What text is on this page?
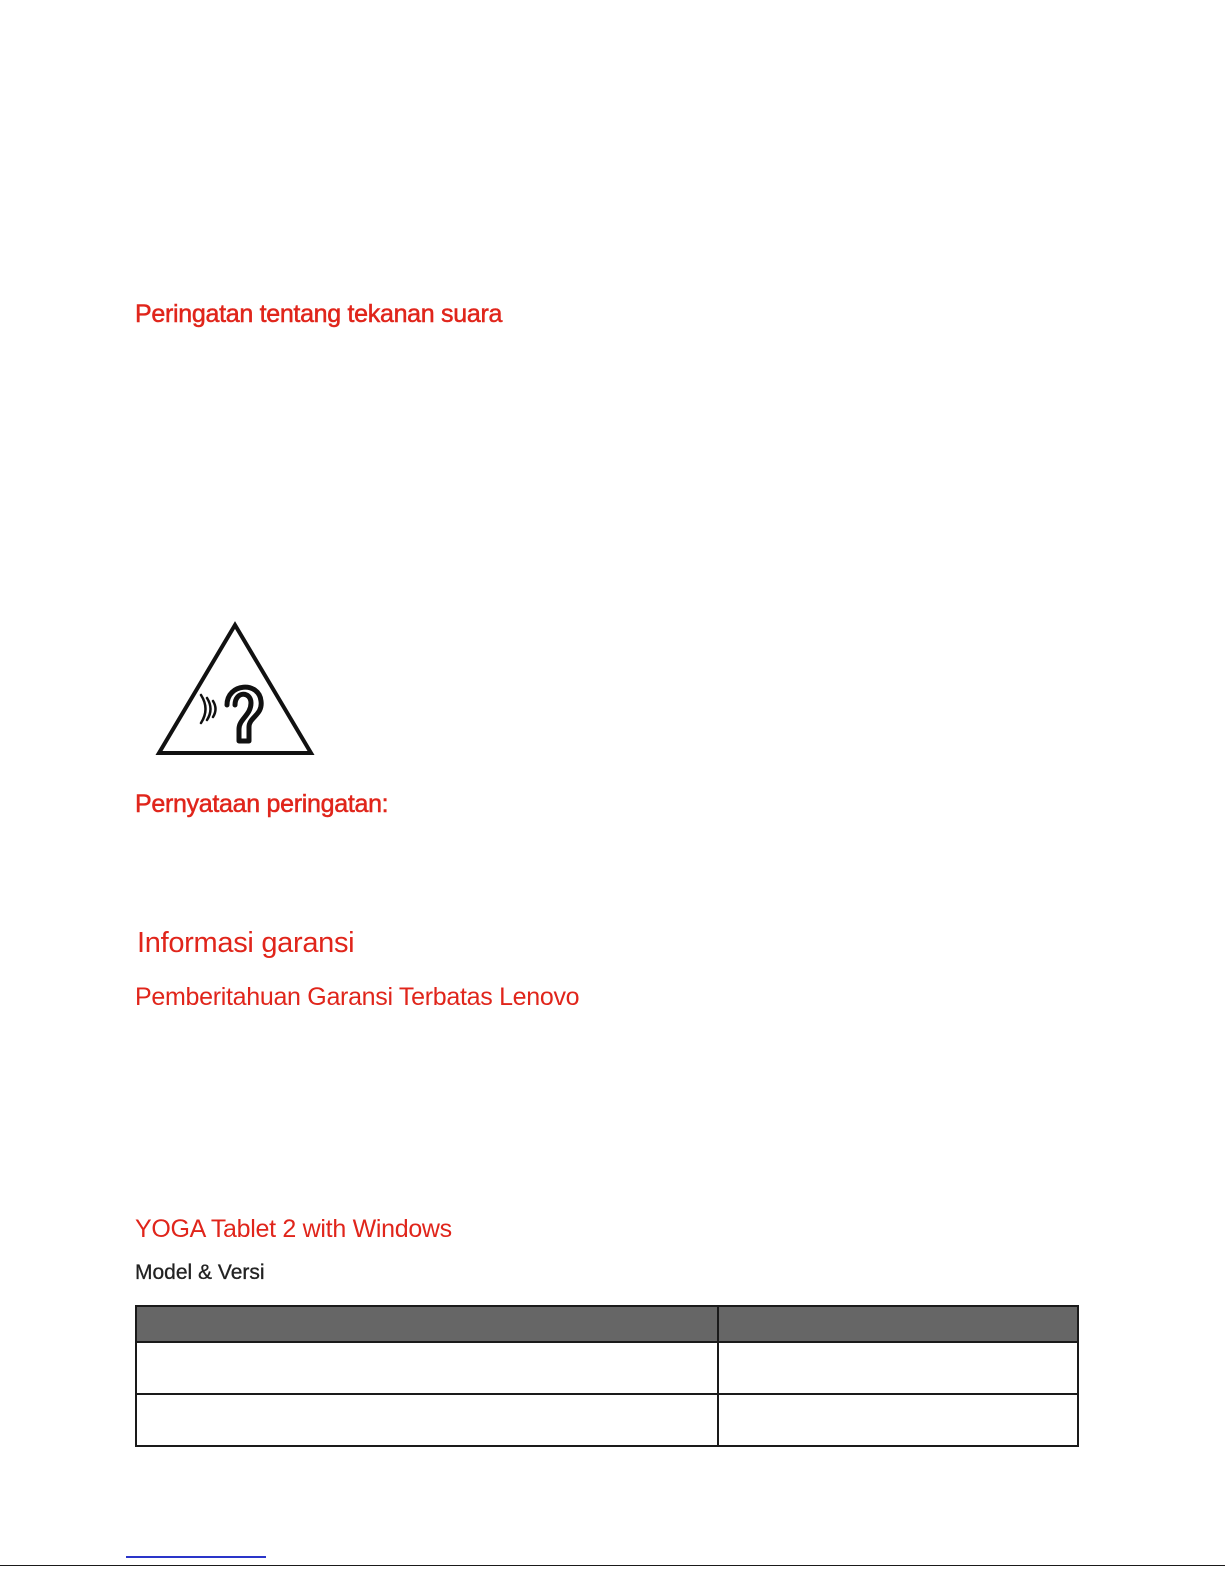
Peringatan tentang tekanan suara
Pernyataan peringatan:
Informasi garansi
Pemberitahuan Garansi Terbatas Lenovo
YOGA Tablet 2 with Windows

Model & Versi
